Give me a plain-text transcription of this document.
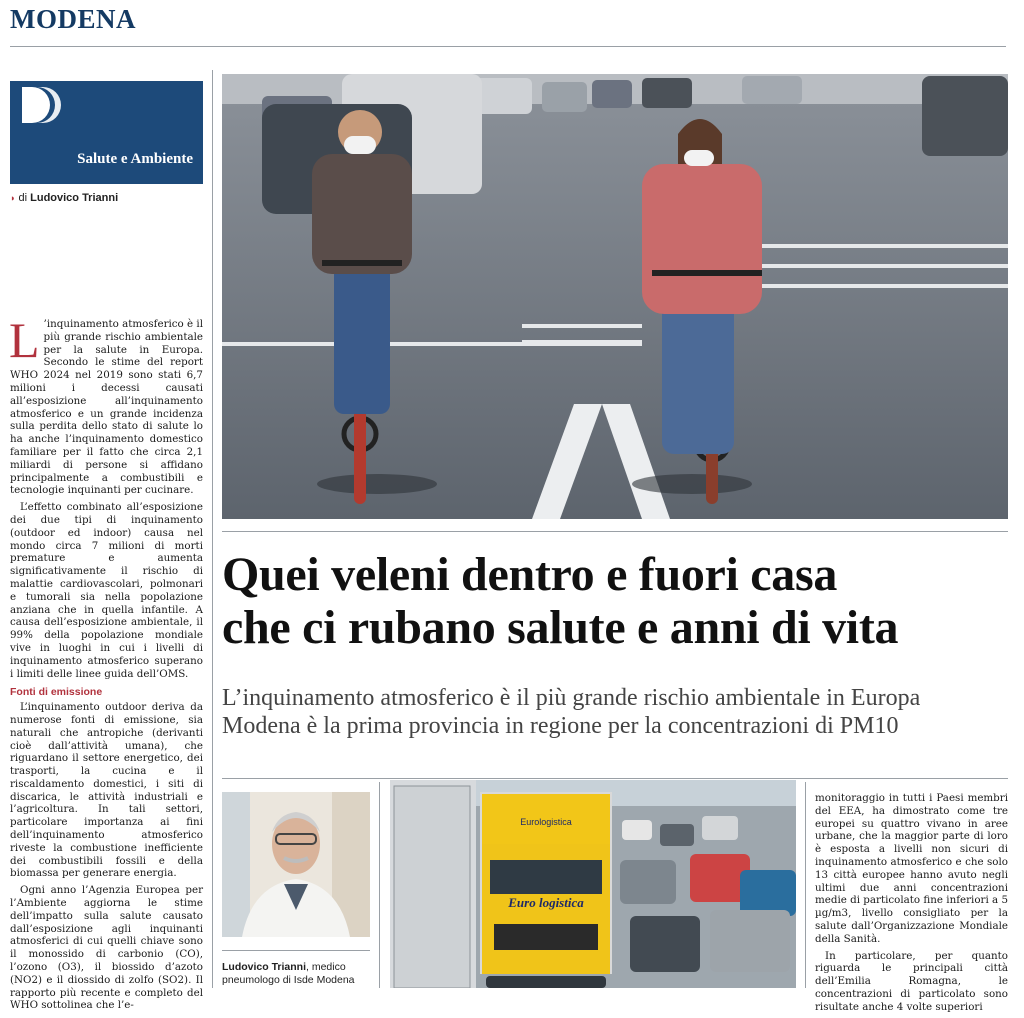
MODENA
Salute e Ambiente
◗ di Ludovico Trianni

L ’inquinamento atmosferico è il più grande rischio ambientale per la salute in Europa. Secondo le stime del report WHO 2024 nel 2019 sono stati 6,7 milioni i decessi causati all’esposizione all’inquinamento atmosferico e un grande incidenza sulla perdita dello stato di salute lo ha anche l’inquinamento domestico familiare per il fatto che circa 2,1 miliardi di persone si affidano principalmente a combustibili e tecnologie inquinanti per cucinare.

L’effetto combinato all’esposizione dei due tipi di inquinamento (outdoor ed indoor) causa nel mondo circa 7 milioni di morti premature e aumenta significativamente il rischio di malattie cardiovascolari, polmonari e tumorali sia nella popolazione anziana che in quella infantile. A causa dell’esposizione ambientale, il 99% della popolazione mondiale vive in luoghi in cui i livelli di inquinamento atmosferico superano i limiti delle linee guida dell’OMS.

Fonti di emissione

L’inquinamento outdoor deriva da numerose fonti di emissione, sia naturali che antropiche (derivanti cioè dall’attività umana), che riguardano il settore energetico, dei trasporti, la cucina e il riscaldamento domestici, i siti di discarica, le attività industriali e l’agricoltura. In tali settori, particolare importanza ai fini dell’inquinamento atmosferico riveste la combustione inefficiente dei combustibili fossili e della biomassa per generare energia.

Ogni anno l’Agenzia Europea per l’Ambiente aggiorna le stime dell’impatto sulla salute causato dall’esposizione agli inquinanti atmosferici di cui quelli chiave sono il monossido di carbonio (CO), l’ozono (O3), il biossido d’azoto (NO2) e il diossido di zolfo (SO2). Il rapporto più recente e completo del WHO sottolinea che l’e-

Quei veleni dentro e fuori casa
che ci rubano salute e anni di vita
L’inquinamento atmosferico è il più grande rischio ambientale in Europa
Modena è la prima provincia in regione per la concentrazioni di PM10
Ludovico Trianni, medico pneumologo di Isde Modena
Eurologistica
Euro logistica

monitoraggio in tutti i Paesi membri del EEA, ha dimostrato come tre europei su quattro vivano in aree urbane, che la maggior parte di loro è esposta a livelli non sicuri di inquinamento atmosferico e che solo 13 città europee hanno avuto negli ultimi due anni concentrazioni medie di particolato fine inferiori a 5 µg/m3, livello consigliato per la salute dall’Organizzazione Mondiale della Sanità.

In particolare, per quanto riguarda le principali città dell’Emilia Romagna, le concentrazioni di particolato sono risultate anche 4 volte superiori
